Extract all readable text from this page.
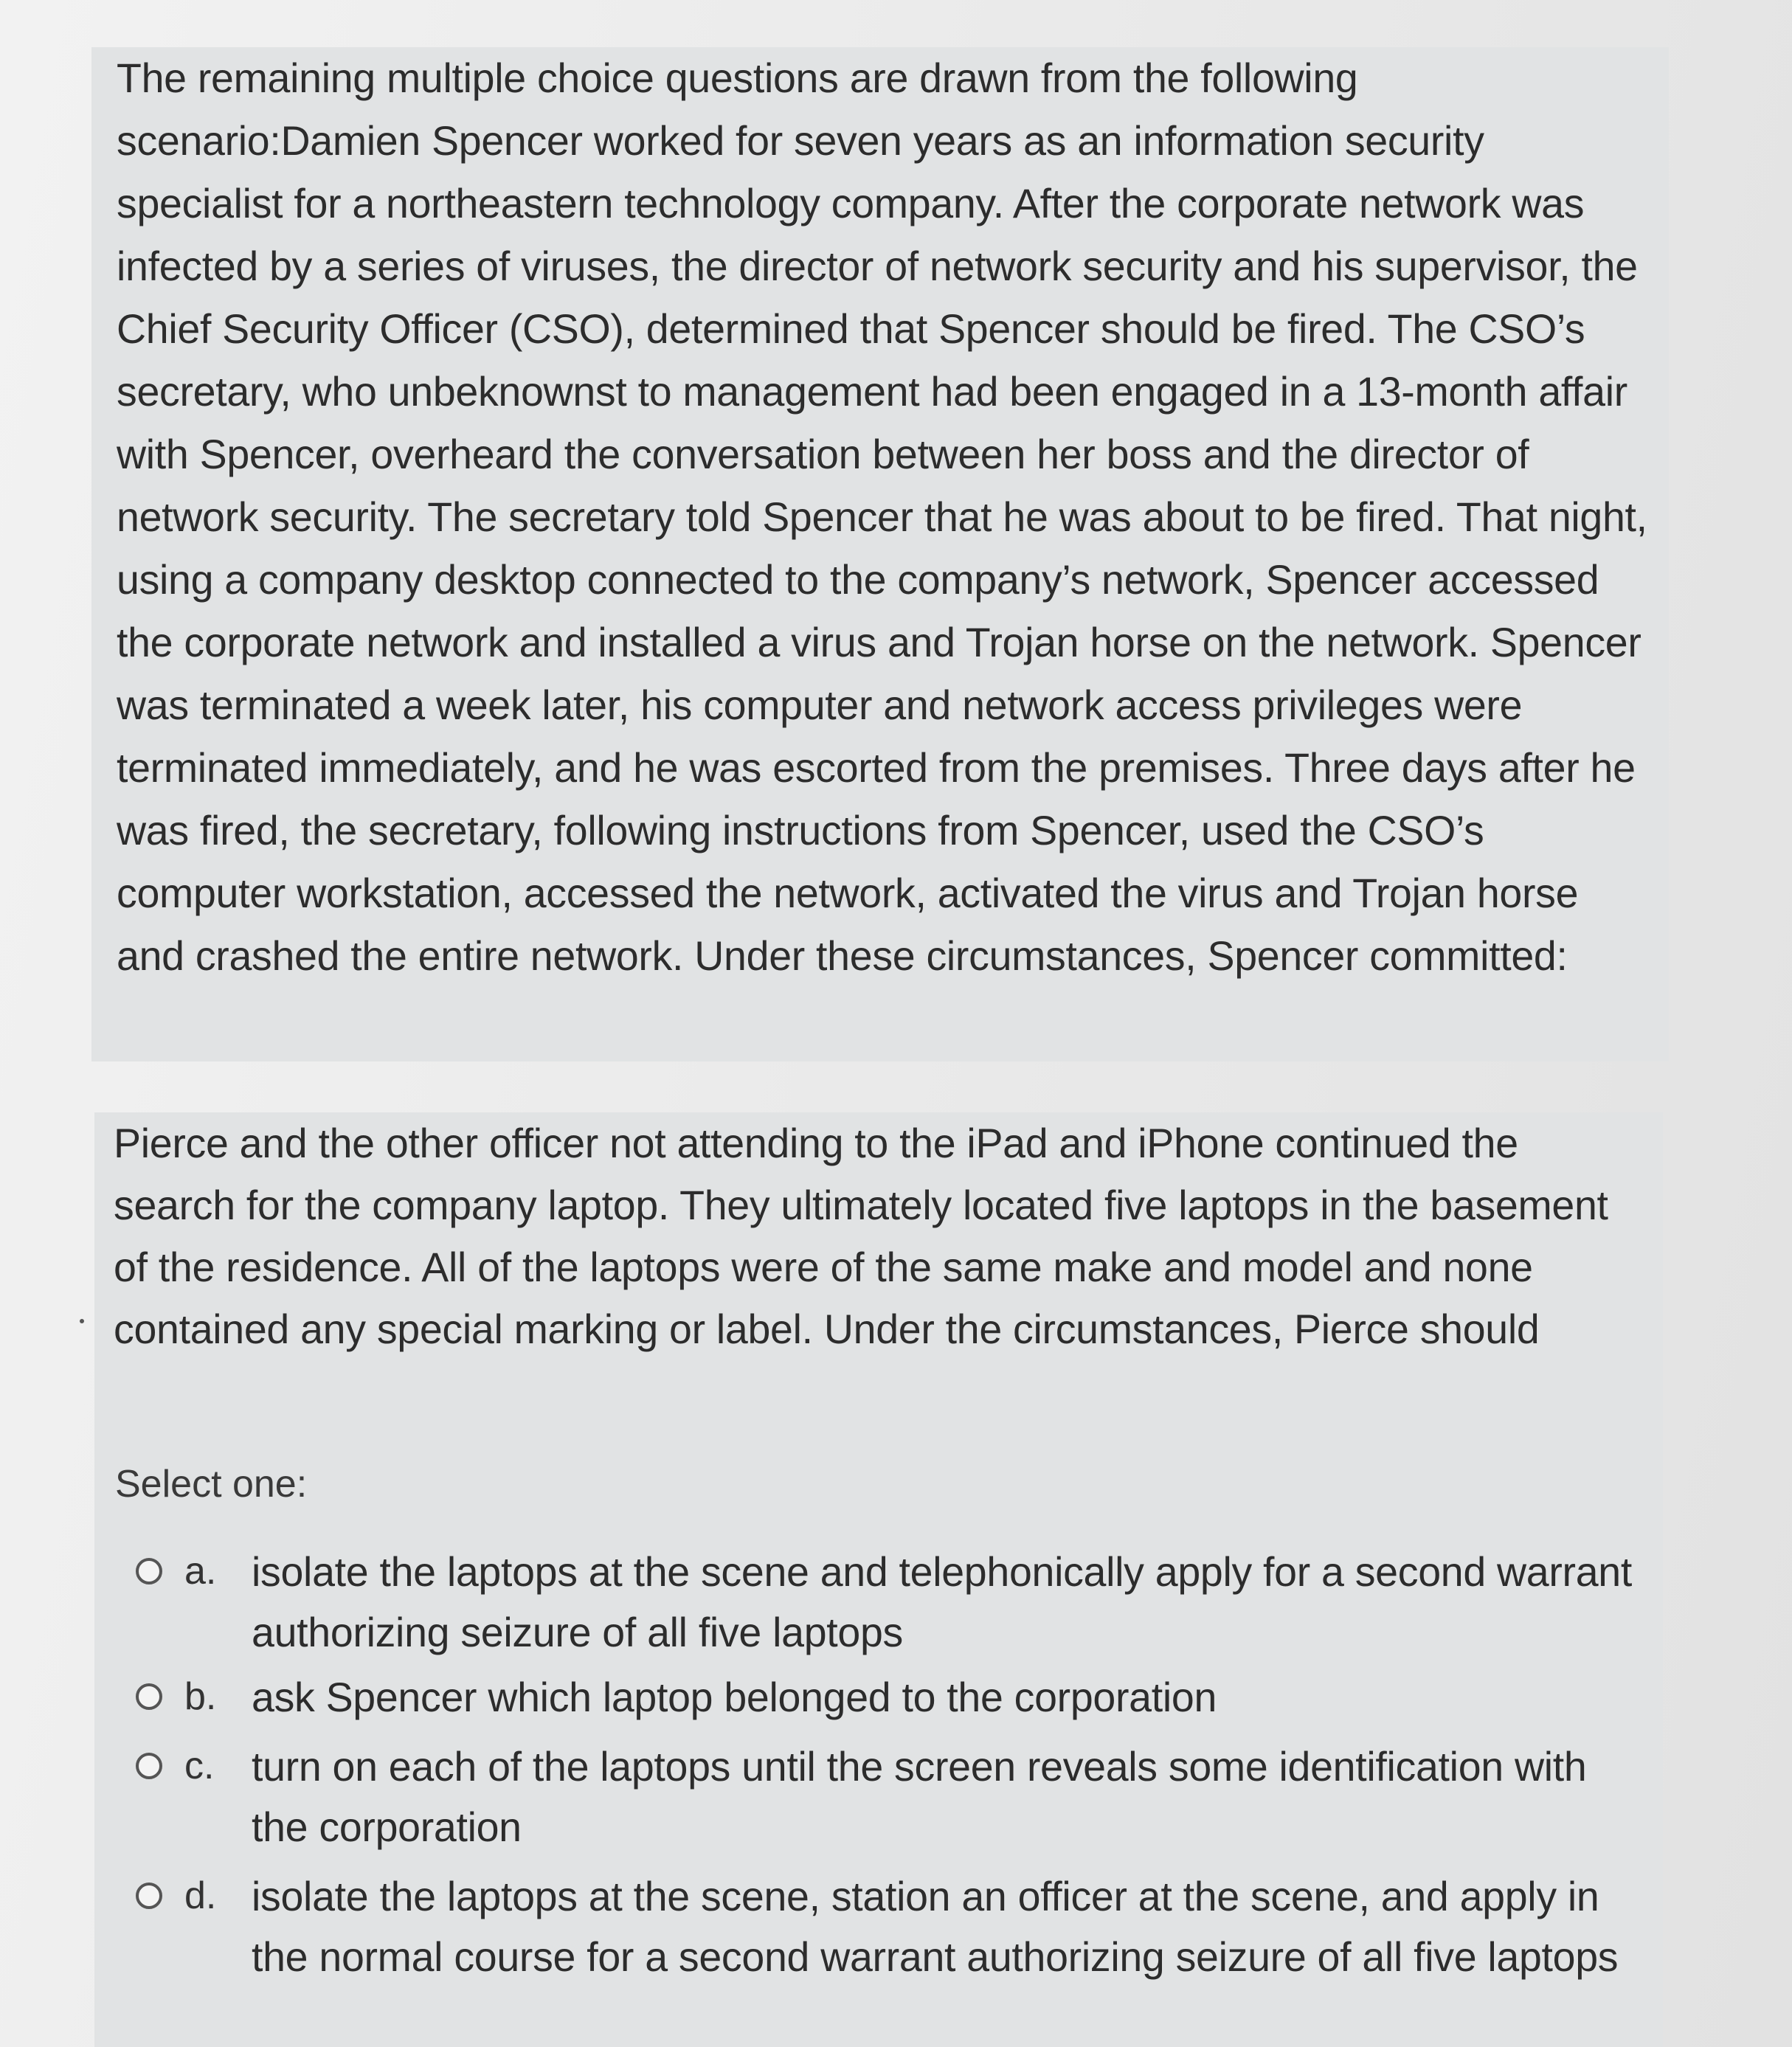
The remaining multiple choice questions are drawn from the following scenario:Damien Spencer worked for seven years as an information security specialist for a northeastern technology company. After the corporate network was infected by a series of viruses, the director of network security and his supervisor, the Chief Security Officer (CSO), determined that Spencer should be fired. The CSO’s secretary, who unbeknownst to management had been engaged in a 13-month affair with Spencer, overheard the conversation between her boss and the director of network security. The secretary told Spencer that he was about to be fired. That night, using a company desktop connected to the company’s network, Spencer accessed the corporate network and installed a virus and Trojan horse on the network. Spencer was terminated a week later, his computer and network access privileges were terminated immediately, and he was escorted from the premises. Three days after he was fired, the secretary, following instructions from Spencer, used the CSO’s computer workstation, accessed the network, activated the virus and Trojan horse and crashed the entire network. Under these circumstances, Spencer committed:

Pierce and the other officer not attending to the iPad and iPhone continued the search for the company laptop. They ultimately located five laptops in the basement of the residence. All of the laptops were of the same make and model and none contained any special marking or label. Under the circumstances, Pierce should

Select one:
a. isolate the laptops at the scene and telephonically apply for a second warrant authorizing seizure of all five laptops
b. ask Spencer which laptop belonged to the corporation
c. turn on each of the laptops until the screen reveals some identification with the corporation
d. isolate the laptops at the scene, station an officer at the scene, and apply in the normal course for a second warrant authorizing seizure of all five laptops
